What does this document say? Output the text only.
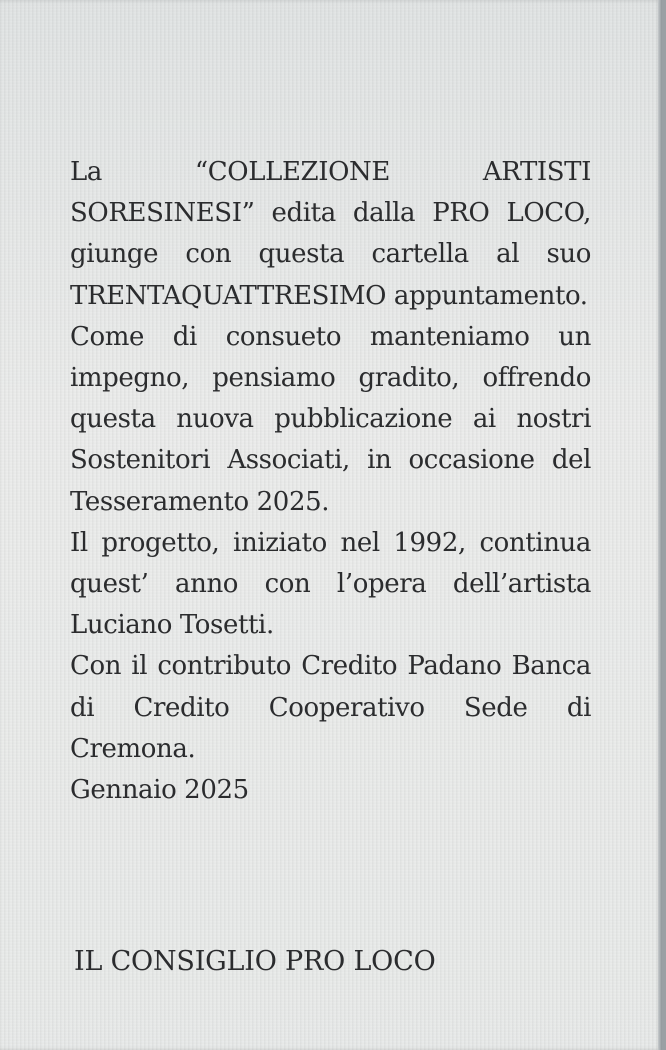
La “COLLEZIONE ARTISTI SORESINESI” edita dalla PRO LOCO, giunge con questa cartella al suo TRENTAQUATTRESIMO appuntamento.

Come di consueto manteniamo un impegno, pensiamo gradito, offrendo questa nuova pubblicazione ai nostri Sostenitori Associati, in occasione del Tesseramento 2025.

Il progetto, iniziato nel 1992, continua quest’ anno con l’opera dell’artista Luciano Tosetti.

Con il contributo Credito Padano Banca di Credito Cooperativo Sede di Cremona.

Gennaio 2025

IL CONSIGLIO PRO LOCO
